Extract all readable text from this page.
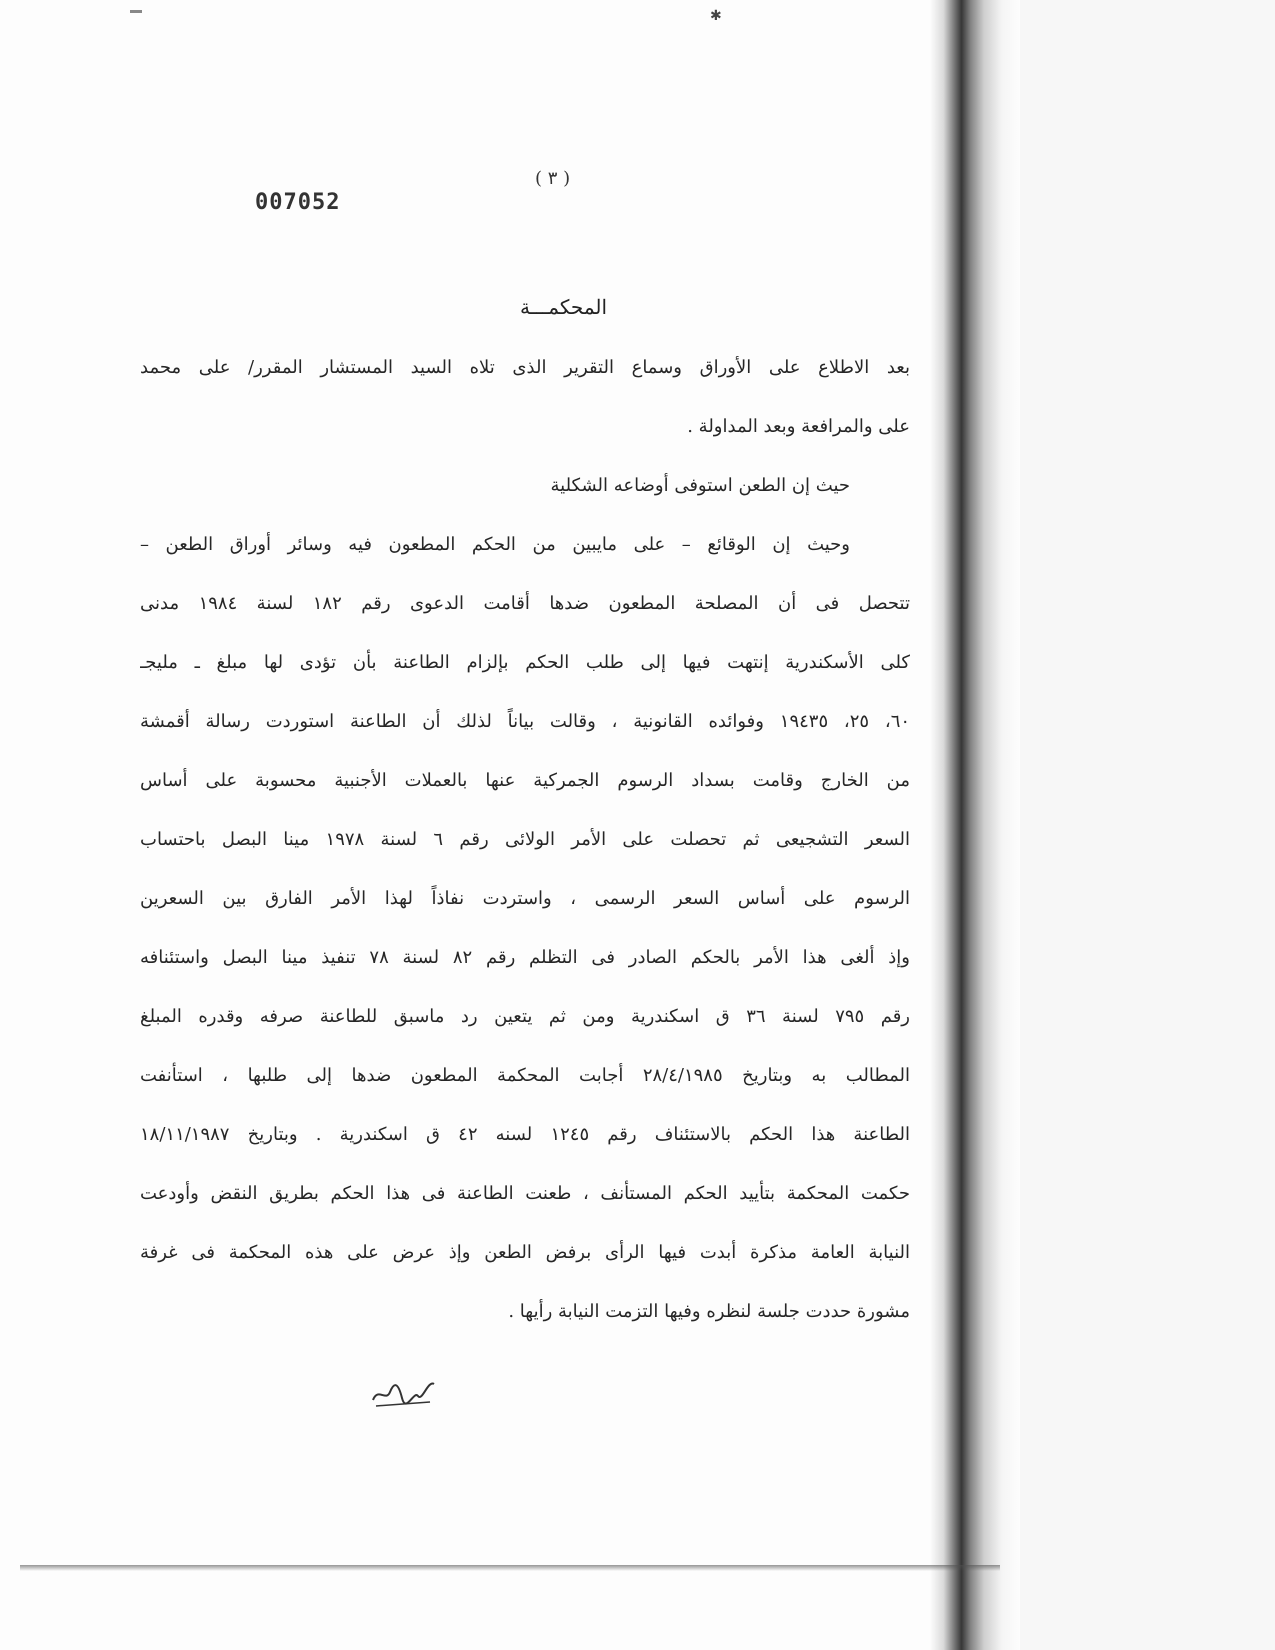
✱
007052
( ٣ )
المحكمـــة
بعد الاطلاع على الأوراق وسماع التقرير الذى تلاه السيد المستشار المقرر/ على محمد
على والمرافعة وبعد المداولة .
حيث إن الطعن استوفى أوضاعه الشكلية
وحيث إن الوقائع – على مايبين من الحكم المطعون فيه وسائر أوراق الطعن –
تتحصل فى أن المصلحة المطعون ضدها أقامت الدعوى رقم ١٨٢ لسنة ١٩٨٤ مدنى
كلى الأسكندرية إنتهت فيها إلى طلب الحكم بإلزام الطاعنة بأن تؤدى لها مبلغ ـ مليجـ
٦٠، ٢٥، ١٩٤٣٥ وفوائده القانونية ، وقالت بياناً لذلك أن الطاعنة استوردت رسالة أقمشة
من الخارج وقامت بسداد الرسوم الجمركية عنها بالعملات الأجنبية محسوبة على أساس
السعر التشجيعى ثم تحصلت على الأمر الولائى رقم ٦ لسنة ١٩٧٨ مينا البصل باحتساب
الرسوم على أساس السعر الرسمى ، واستردت نفاذاً لهذا الأمر الفارق بين السعرين
وإذ ألغى هذا الأمر بالحكم الصادر فى التظلم رقم ٨٢ لسنة ٧٨ تنفيذ مينا البصل واستئنافه
رقم ٧٩٥ لسنة ٣٦ ق اسكندرية ومن ثم يتعين رد ماسبق للطاعنة صرفه وقدره المبلغ
المطالب به وبتاريخ ٢٨/٤/١٩٨٥ أجابت المحكمة المطعون ضدها إلى طلبها ، استأنفت
الطاعنة هذا الحكم بالاستئناف رقم ١٢٤٥ لسنه ٤٢ ق اسكندرية . وبتاريخ ١٨/١١/١٩٨٧
حكمت المحكمة بتأييد الحكم المستأنف ، طعنت الطاعنة فى هذا الحكم بطريق النقض وأودعت
النيابة العامة مذكرة أبدت فيها الرأى برفض الطعن وإذ عرض على هذه المحكمة فى غرفة
مشورة حددت جلسة لنظره وفيها التزمت النيابة رأيها .
